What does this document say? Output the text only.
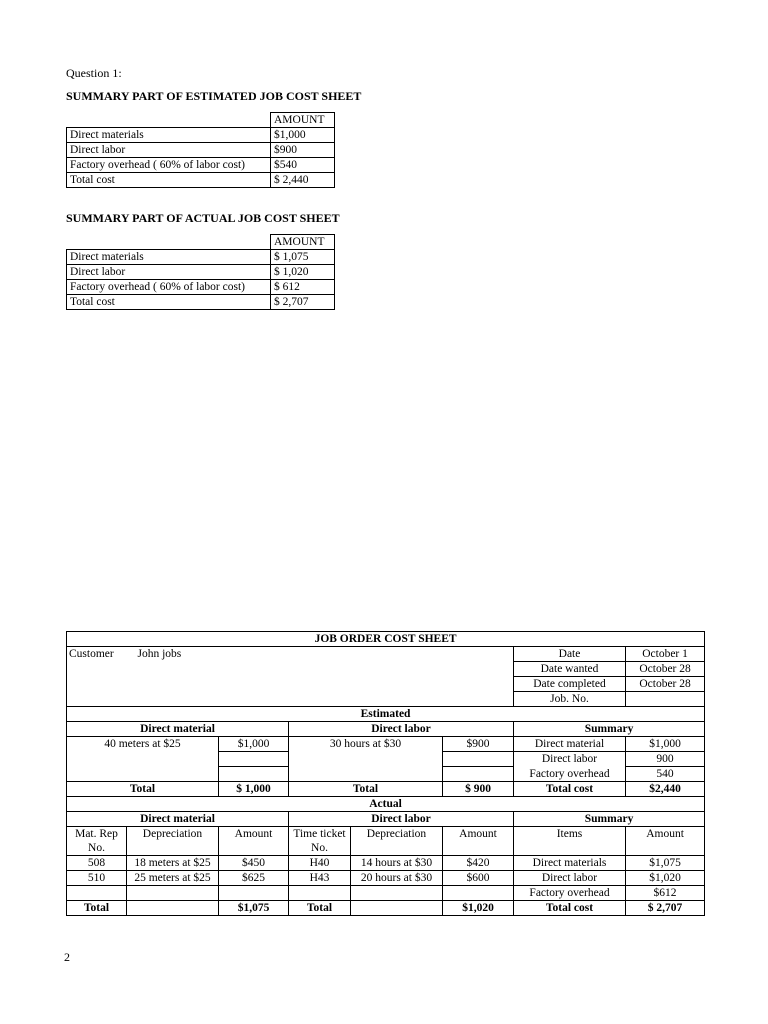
Question 1:
SUMMARY PART OF ESTIMATED JOB COST SHEET
	AMOUNT
Direct materials	$1,000
Direct labor	$900
Factory overhead ( 60% of labor cost)	$540
Total cost	$ 2,440
SUMMARY PART OF ACTUAL JOB COST SHEET
	AMOUNT
Direct materials	$ 1,075
Direct labor	$ 1,020
Factory overhead ( 60% of labor cost)	$ 612
Total cost	$ 2,707
JOB ORDER COST SHEET							
Customer John jobs						Date	October 1
						Date wanted	October 28
						Date completed	October 28
						Job. No.	
Estimated							
Direct material			Direct labor			Summary	
40 meters at $25		$1,000	30 hours at $30		$900	Direct material	$1,000
						Direct labor	900
						Factory overhead	540
Total		$ 1,000	Total		$ 900	Total cost	$2,440
Actual							
Direct material			Direct labor			Summary	
Mat. Rep No.	Depreciation	Amount	Time ticket No.	Depreciation	Amount	Items	Amount
508	18 meters at $25	$450	H40	14 hours at $30	$420	Direct materials	$1,075
510	25 meters at $25	$625	H43	20 hours at $30	$600	Direct labor	$1,020
						Factory overhead	$612
Total		$1,075	Total		$1,020	Total cost	$ 2,707
2
